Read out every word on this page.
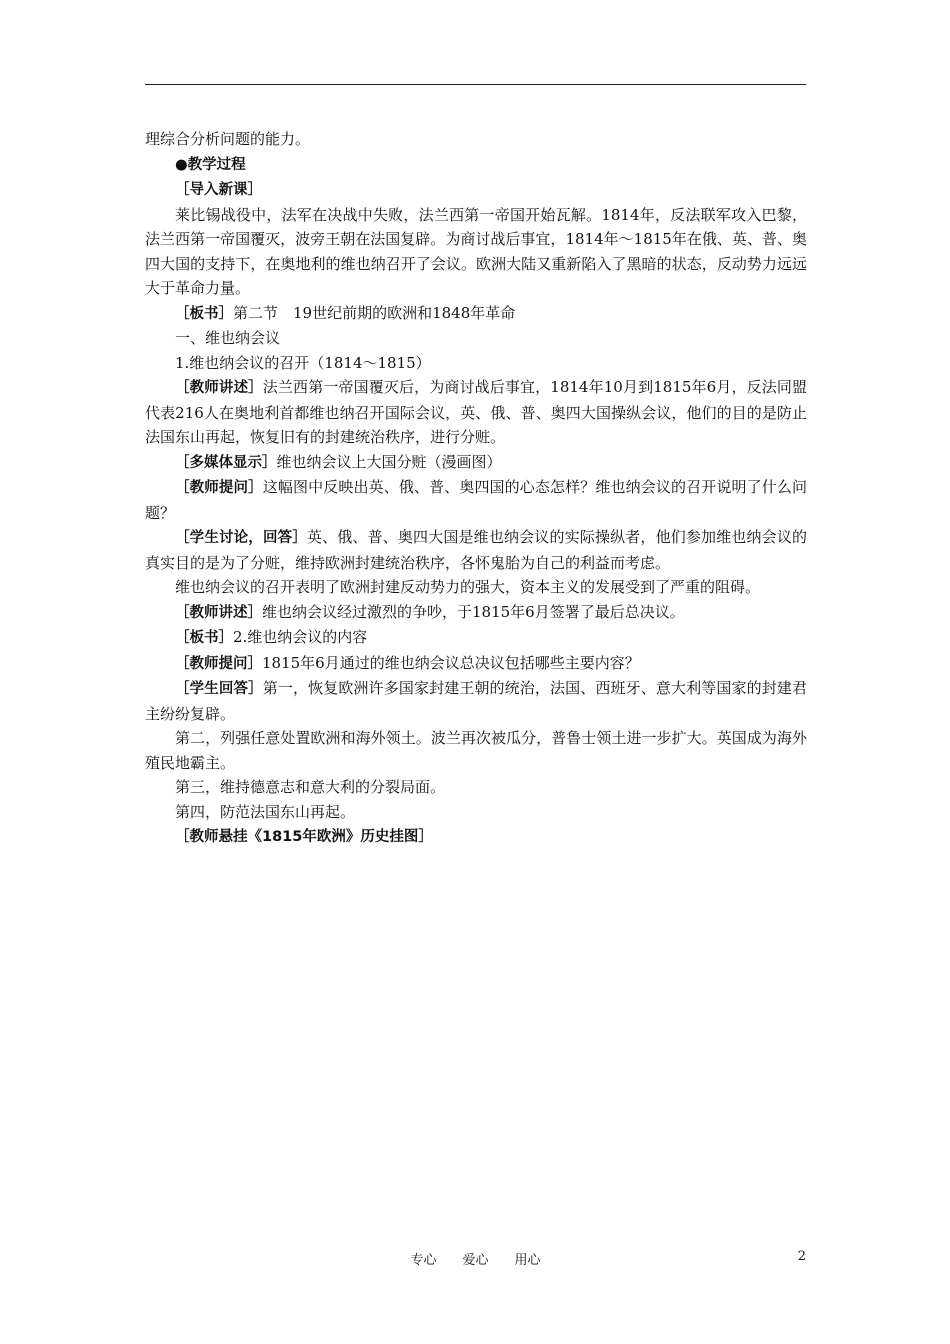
理综合分析问题的能力。

●教学过程

［导入新课］

莱比锡战役中，法军在决战中失败，法兰西第一帝国开始瓦解。1814年，反法联军攻入巴黎，法兰西第一帝国覆灭，波旁王朝在法国复辟。为商讨战后事宜，1814年～1815年在俄、英、普、奥四大国的支持下，在奥地利的维也纳召开了会议。欧洲大陆又重新陷入了黑暗的状态，反动势力远远大于革命力量。

［板书］第二节　19世纪前期的欧洲和1848年革命

一、维也纳会议

1.维也纳会议的召开（1814～1815）

［教师讲述］法兰西第一帝国覆灭后，为商讨战后事宜，1814年10月到1815年6月，反法同盟代表216人在奥地利首都维也纳召开国际会议，英、俄、普、奥四大国操纵会议，他们的目的是防止法国东山再起，恢复旧有的封建统治秩序，进行分赃。

［多媒体显示］维也纳会议上大国分赃（漫画图）

［教师提问］这幅图中反映出英、俄、普、奥四国的心态怎样？维也纳会议的召开说明了什么问题？

［学生讨论，回答］英、俄、普、奥四大国是维也纳会议的实际操纵者，他们参加维也纳会议的真实目的是为了分赃，维持欧洲封建统治秩序，各怀鬼胎为自己的利益而考虑。

维也纳会议的召开表明了欧洲封建反动势力的强大，资本主义的发展受到了严重的阻碍。

［教师讲述］维也纳会议经过激烈的争吵，于1815年6月签署了最后总决议。

［板书］2.维也纳会议的内容

［教师提问］1815年6月通过的维也纳会议总决议包括哪些主要内容？

［学生回答］第一，恢复欧洲许多国家封建王朝的统治，法国、西班牙、意大利等国家的封建君主纷纷复辟。

第二，列强任意处置欧洲和海外领土。波兰再次被瓜分，普鲁士领土进一步扩大。英国成为海外殖民地霸主。

第三，维持德意志和意大利的分裂局面。

第四，防范法国东山再起。

［教师悬挂《1815年欧洲》历史挂图］

专心　　爱心　　用心	2
